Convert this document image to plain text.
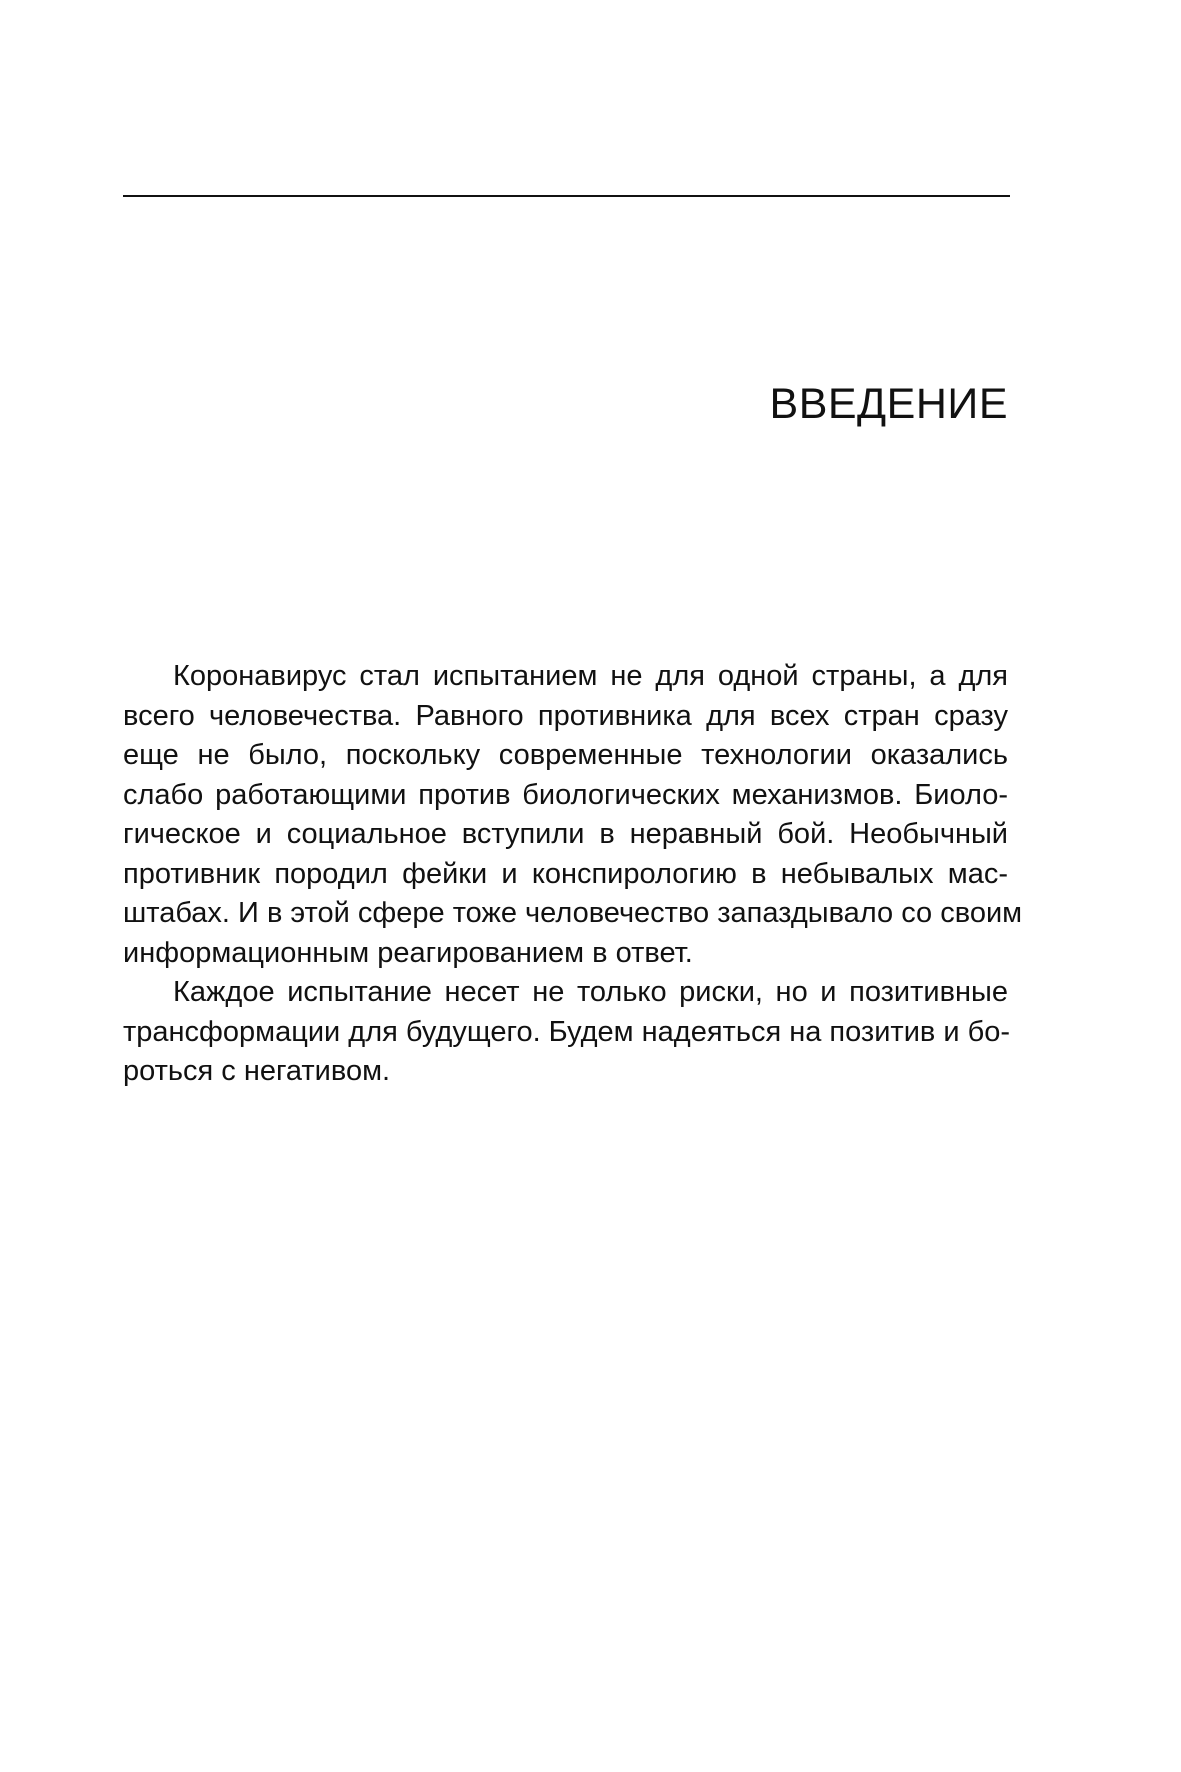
ВВЕДЕНИЕ
Коронавирус стал испытанием не для одной страны, а для
всего человечества. Равного противника для всех стран сразу
еще не было, поскольку современные технологии оказались
слабо работающими против биологических механизмов. Биоло-
гическое и социальное вступили в неравный бой. Необычный
противник породил фейки и конспирологию в небывалых мас-
штабах. И в этой сфере тоже человечество запаздывало со своим
информационным реагированием в ответ.
Каждое испытание несет не только риски, но и позитивные
трансформации для будущего. Будем надеяться на позитив и бо-
роться с негативом.
